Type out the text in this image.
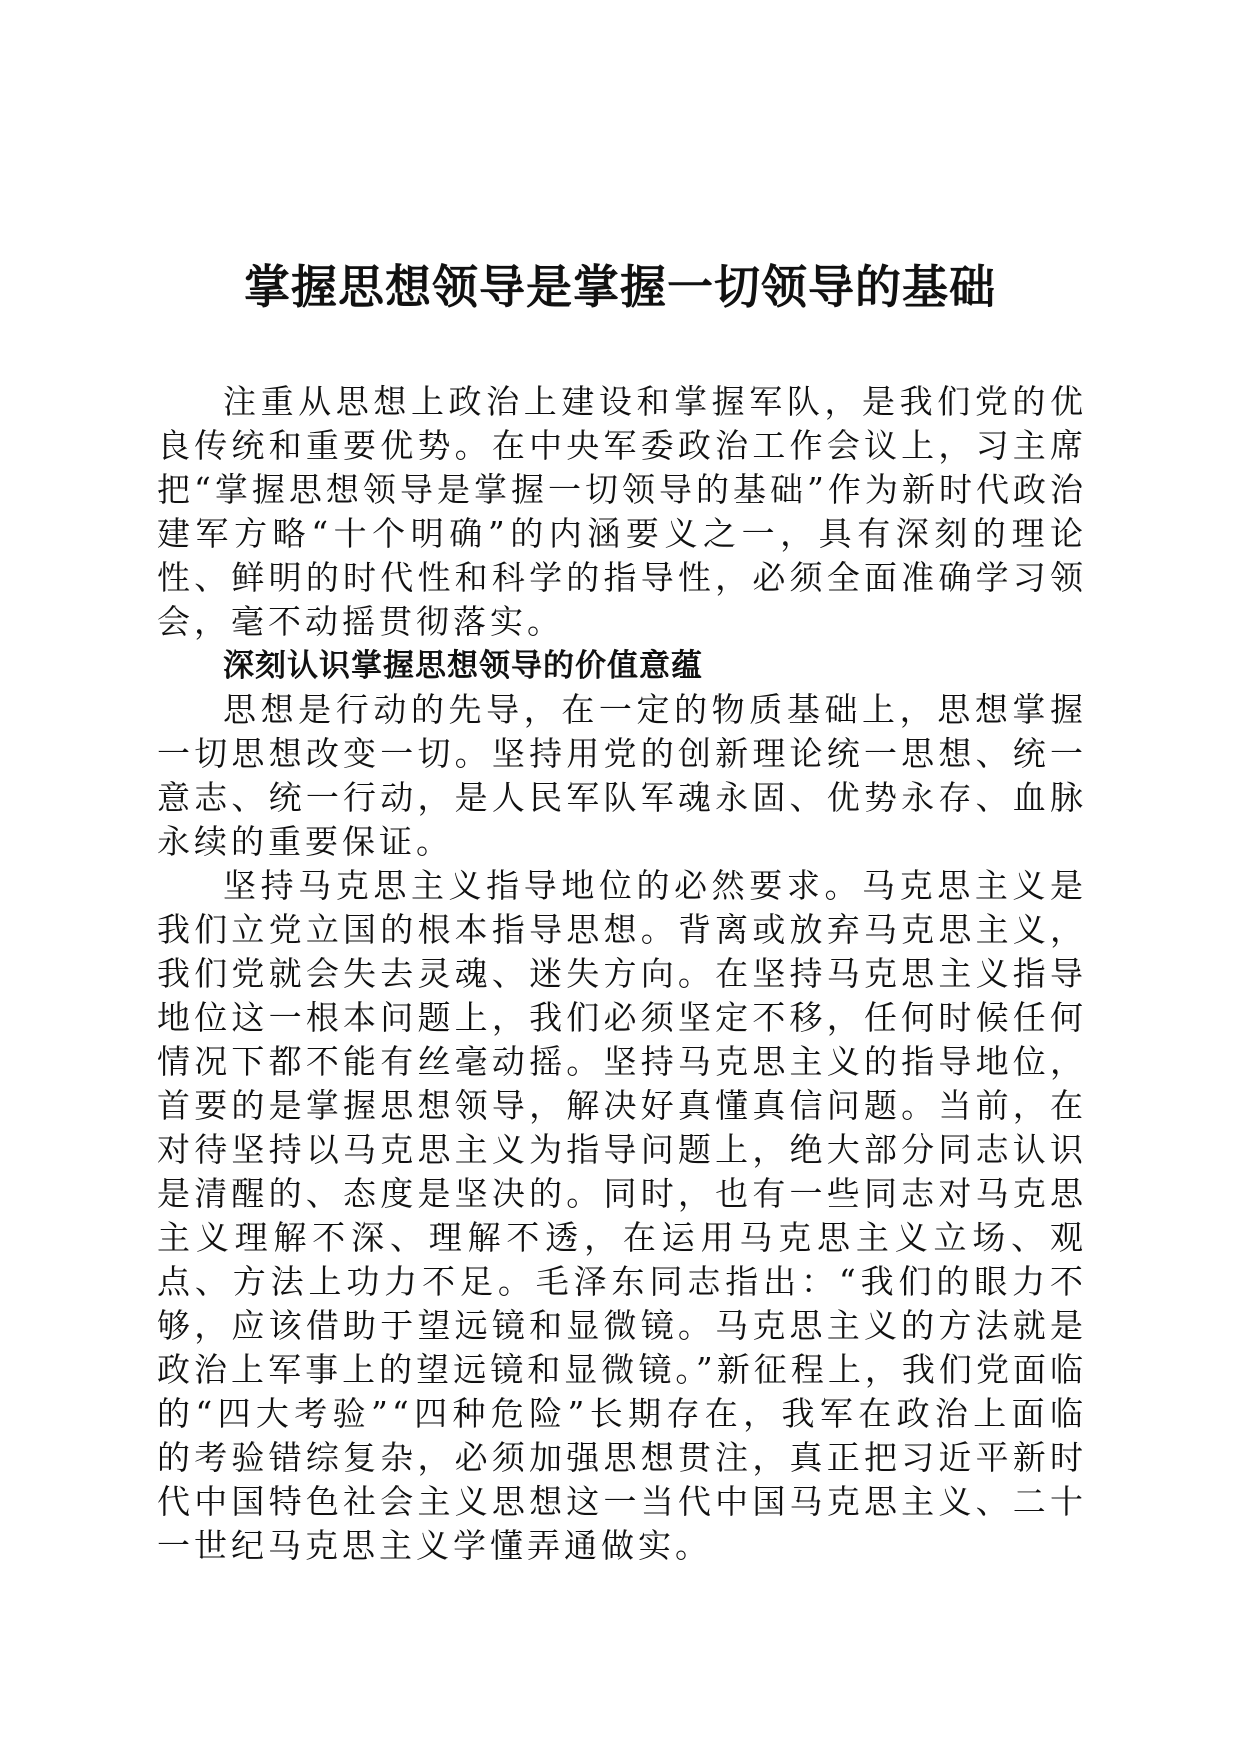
掌握思想领导是掌握一切领导的基础

注重从思想上政治上建设和掌握军队，是我们党的优良传统和重要优势。在中央军委政治工作会议上，习主席把“掌握思想领导是掌握一切领导的基础”作为新时代政治建军方略“十个明确”的内涵要义之一，具有深刻的理论性、鲜明的时代性和科学的指导性，必须全面准确学习领会，毫不动摇贯彻落实。

深刻认识掌握思想领导的价值意蕴

思想是行动的先导，在一定的物质基础上，思想掌握一切思想改变一切。坚持用党的创新理论统一思想、统一意志、统一行动，是人民军队军魂永固、优势永存、血脉永续的重要保证。

坚持马克思主义指导地位的必然要求。马克思主义是我们立党立国的根本指导思想。背离或放弃马克思主义，我们党就会失去灵魂、迷失方向。在坚持马克思主义指导地位这一根本问题上，我们必须坚定不移，任何时候任何情况下都不能有丝毫动摇。坚持马克思主义的指导地位，首要的是掌握思想领导，解决好真懂真信问题。当前，在对待坚持以马克思主义为指导问题上，绝大部分同志认识是清醒的、态度是坚决的。同时，也有一些同志对马克思主义理解不深、理解不透，在运用马克思主义立场、观点、方法上功力不足。毛泽东同志指出：“我们的眼力不够，应该借助于望远镜和显微镜。马克思主义的方法就是政治上军事上的望远镜和显微镜。”新征程上，我们党面临的“四大考验”“四种危险”长期存在，我军在政治上面临的考验错综复杂，必须加强思想贯注，真正把习近平新时代中国特色社会主义思想这一当代中国马克思主义、二十一世纪马克思主义学懂弄通做实。
